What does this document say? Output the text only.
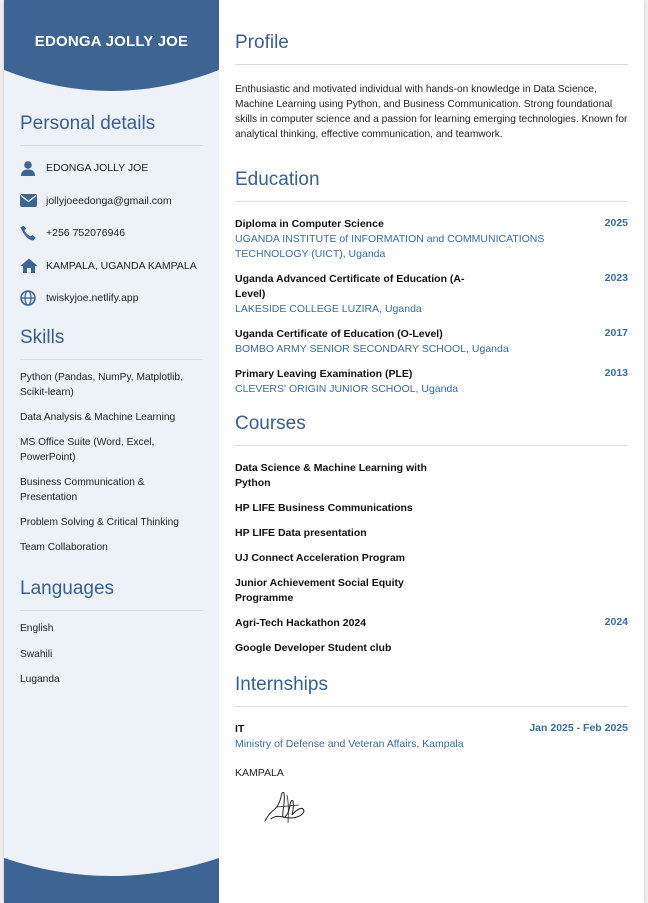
EDONGA JOLLY JOE
Personal details
EDONGA JOLLY JOE
jollyjoeedonga@gmail.com
+256 752076946
KAMPALA, UGANDA KAMPALA
twiskyjoe.netlify.app
Skills
Python (Pandas, NumPy, Matplotlib, Scikit-learn)
Data Analysis & Machine Learning
MS Office Suite (Word, Excel, PowerPoint)
Business Communication & Presentation
Problem Solving & Critical Thinking
Team Collaboration
Languages
English
Swahili
Luganda
Profile
Enthusiastic and motivated individual with hands-on knowledge in Data Science, Machine Learning using Python, and Business Communication. Strong foundational skills in computer science and a passion for learning emerging technologies. Known for analytical thinking, effective communication, and teamwork.
Education
Diploma in Computer Science
UGANDA INSTITUTE of INFORMATION and COMMUNICATIONS TECHNOLOGY (UICT), Uganda
2025
Uganda Advanced Certificate of Education (A-Level)
LAKESIDE COLLEGE LUZIRA, Uganda
2023
Uganda Certificate of Education (O-Level)
BOMBO ARMY SENIOR SECONDARY SCHOOL, Uganda
2017
Primary Leaving Examination (PLE)
CLEVERS' ORIGIN JUNIOR SCHOOL, Uganda
2013
Courses
Data Science & Machine Learning with Python
HP LIFE Business Communications
HP LIFE Data presentation
UJ Connect Acceleration Program
Junior Achievement Social Equity Programme
Agri-Tech Hackathon 2024	2024
Google Developer Student club
Internships
IT
Ministry of Defense and Veteran Affairs, Kampala
Jan 2025 - Feb 2025
KAMPALA
